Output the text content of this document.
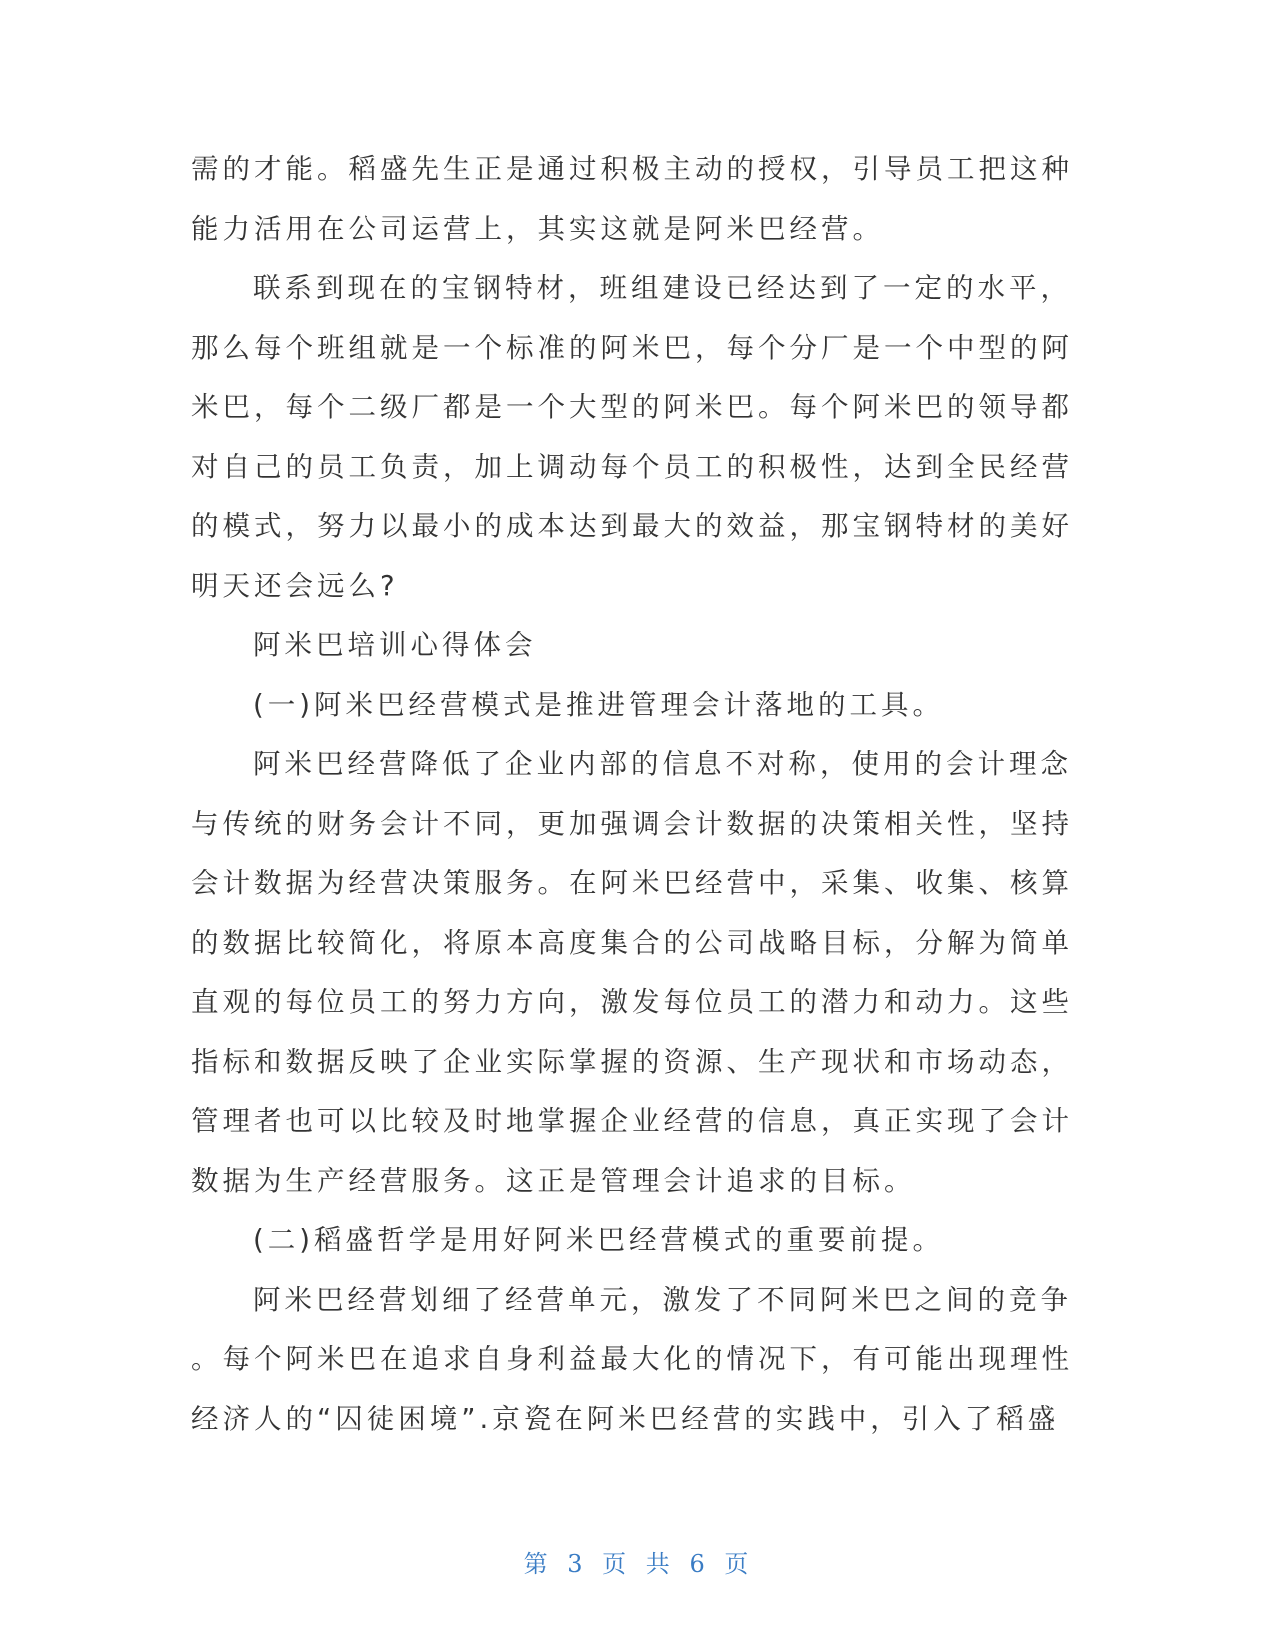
需的才能。稻盛先生正是通过积极主动的授权，引导员工把这种
能力活用在公司运营上，其实这就是阿米巴经营。
联系到现在的宝钢特材，班组建设已经达到了一定的水平，
那么每个班组就是一个标准的阿米巴，每个分厂是一个中型的阿
米巴，每个二级厂都是一个大型的阿米巴。每个阿米巴的领导都
对自己的员工负责，加上调动每个员工的积极性，达到全民经营
的模式，努力以最小的成本达到最大的效益，那宝钢特材的美好
明天还会远么?
阿米巴培训心得体会
(一)阿米巴经营模式是推进管理会计落地的工具。
阿米巴经营降低了企业内部的信息不对称，使用的会计理念
与传统的财务会计不同，更加强调会计数据的决策相关性，坚持
会计数据为经营决策服务。在阿米巴经营中，采集、收集、核算
的数据比较简化，将原本高度集合的公司战略目标，分解为简单
直观的每位员工的努力方向，激发每位员工的潜力和动力。这些
指标和数据反映了企业实际掌握的资源、生产现状和市场动态，
管理者也可以比较及时地掌握企业经营的信息，真正实现了会计
数据为生产经营服务。这正是管理会计追求的目标。
(二)稻盛哲学是用好阿米巴经营模式的重要前提。
阿米巴经营划细了经营单元，激发了不同阿米巴之间的竞争
。每个阿米巴在追求自身利益最大化的情况下，有可能出现理性
经济人的“囚徒困境”.京瓷在阿米巴经营的实践中，引入了稻盛
第 3 页 共 6 页
